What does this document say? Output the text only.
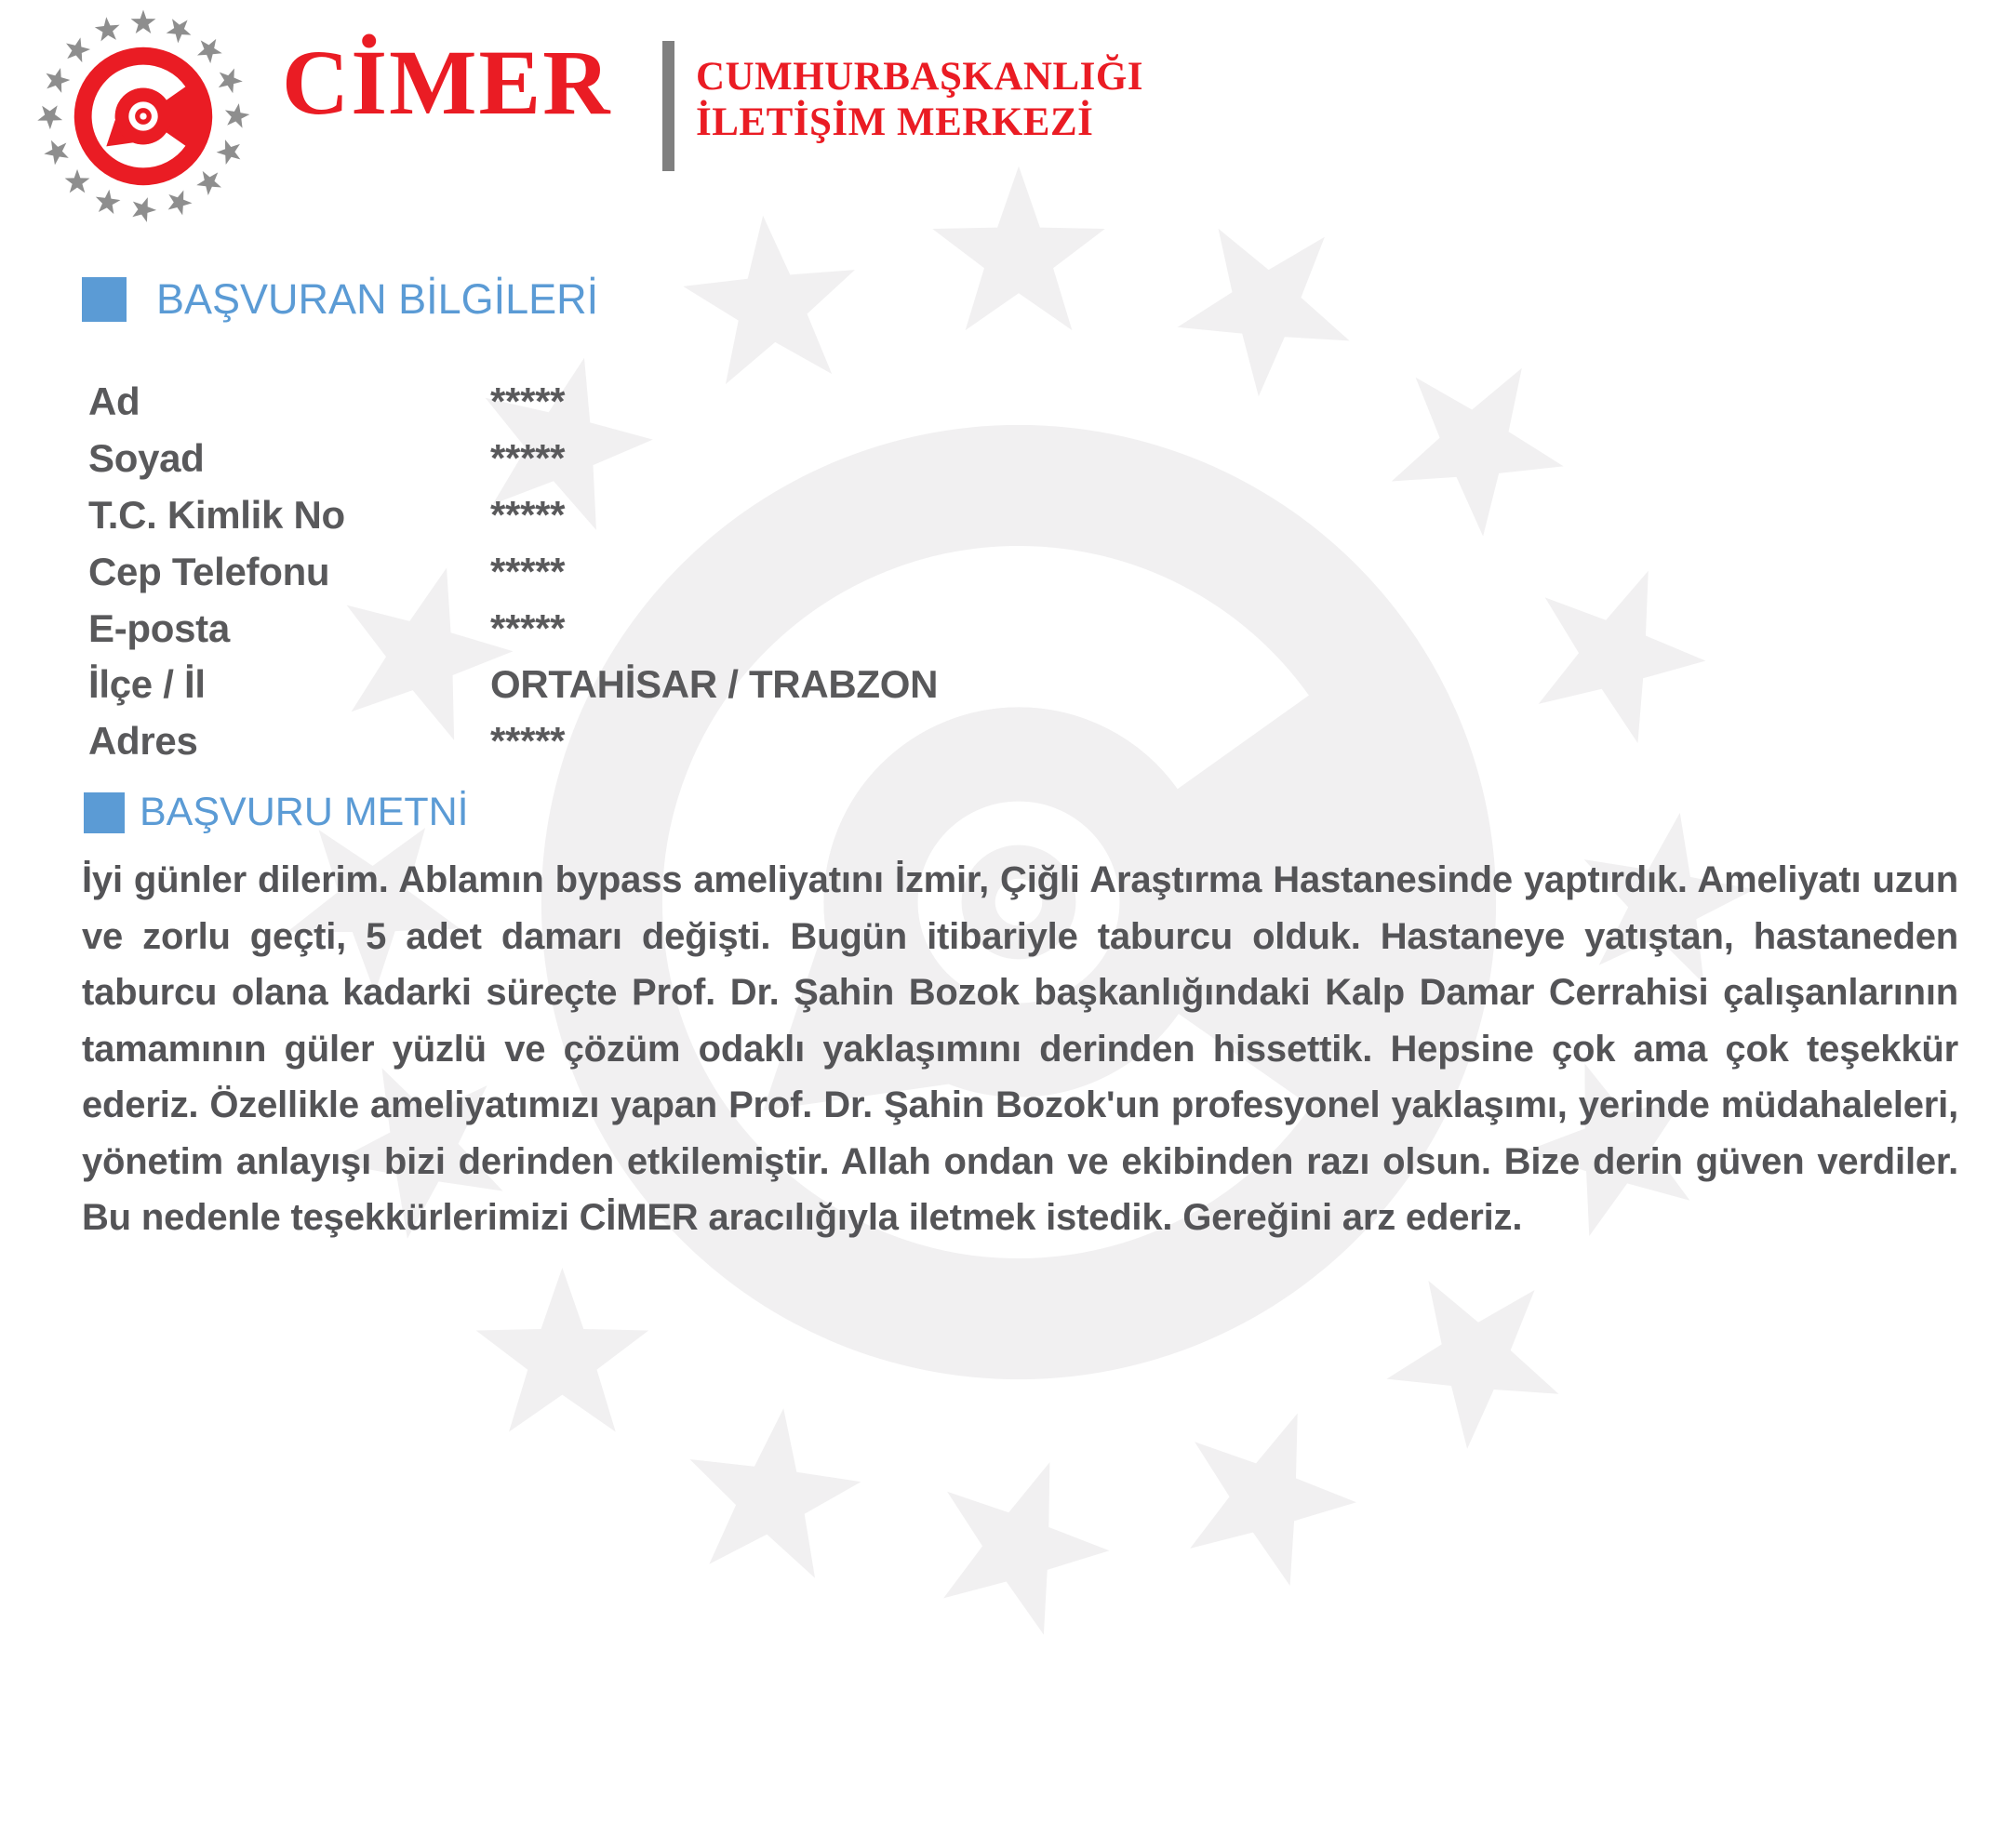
CİMER CUMHURBAŞKANLIĞI
İLETİŞİM MERKEZİ
BAŞVURAN BİLGİLERİ
Ad	*****
Soyad	*****
T.C. Kimlik No	*****
Cep Telefonu	*****
E-posta	*****
İlçe / İl	ORTAHİSAR / TRABZON
Adres	*****
BAŞVURU METNİ

İyi günler dilerim. Ablamın bypass ameliyatını İzmir, Çiğli Araştırma Hastanesinde yaptırdık. Ameliyatı uzun ve zorlu geçti, 5 adet damarı değişti. Bugün itibariyle taburcu olduk. Hastaneye yatıştan, hastaneden taburcu olana kadarki süreçte Prof. Dr. Şahin Bozok başkanlığındaki Kalp Damar Cerrahisi çalışanlarının tamamının güler yüzlü ve çözüm odaklı yaklaşımını derinden hissettik. Hepsine çok ama çok teşekkür ederiz. Özellikle ameliyatımızı yapan Prof. Dr. Şahin Bozok'un profesyonel yaklaşımı, yerinde müdahaleleri, yönetim anlayışı bizi derinden etkilemiştir. Allah ondan ve ekibinden razı olsun. Bize derin güven verdiler. Bu nedenle teşekkürlerimizi CİMER aracılığıyla iletmek istedik. Gereğini arz ederiz.
